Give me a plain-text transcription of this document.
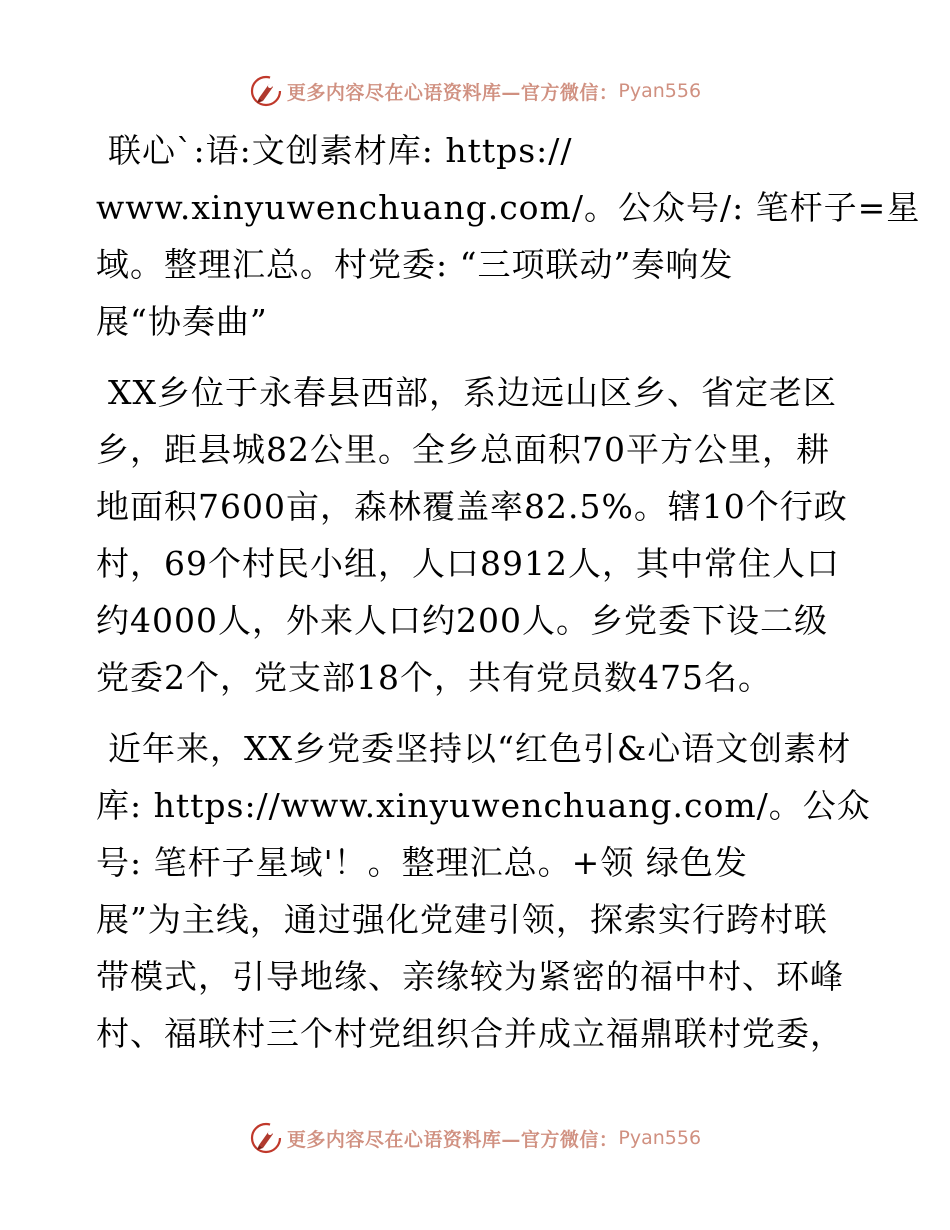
更多内容尽在心语资料库—官方微信： Pyan556
联心`:语:文创素材库: https://
www.xinyuwenchuang.com/。公众号/: 笔杆子=星
域。整理汇总。村党委: “三项联动”奏响发
展“协奏曲”
XX乡位于永春县西部，系边远山区乡、省定老区
乡，距县城82公里。全乡总面积70平方公里，耕
地面积7600亩，森林覆盖率82.5%。辖10个行政
村，69个村民小组，人口8912人，其中常住人口
约4000人，外来人口约200人。乡党委下设二级
党委2个，党支部18个，共有党员数475名。
近年来，XX乡党委坚持以“红色引&心语文创素材
库: https://www.xinyuwenchuang.com/。公众
号: 笔杆子星域'！。整理汇总。+领 绿色发
展”为主线，通过强化党建引领，探索实行跨村联
带模式，引导地缘、亲缘较为紧密的福中村、环峰
村、福联村三个村党组织合并成立福鼎联村党委，
更多内容尽在心语资料库—官方微信： Pyan556
